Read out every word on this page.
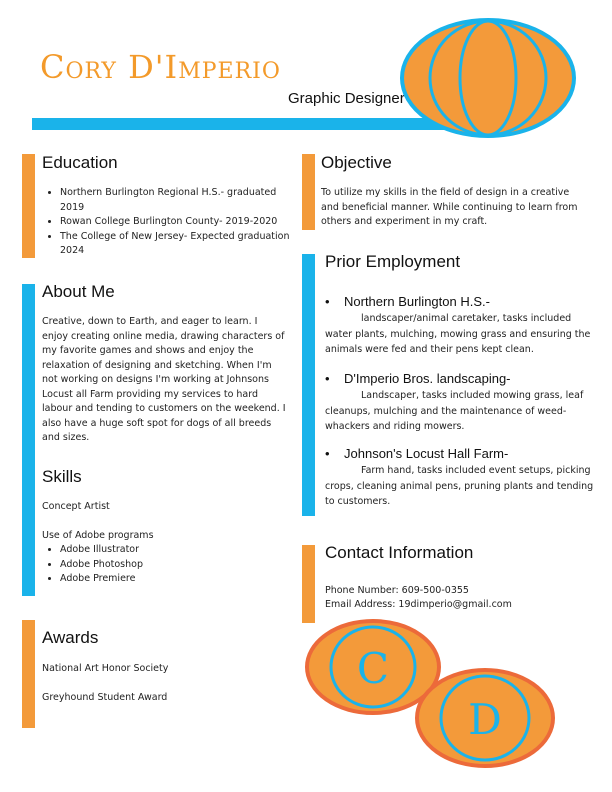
Cory D'Imperio
Graphic Designer
Education
• Northern Burlington Regional H.S.- graduated 2019
• Rowan College Burlington County- 2019-2020
• The College of New Jersey- Expected graduation 2024
About Me
Creative, down to Earth, and eager to learn. I enjoy creating online media, drawing characters of my favorite games and shows and enjoy the relaxation of designing and sketching. When I'm not working on designs I'm working at Johnsons Locust all Farm providing my services to hard labour and tending to customers on the weekend. I also have a huge soft spot for dogs of all breeds and sizes.
Skills
Concept Artist
Use of Adobe programs
• Adobe Illustrator
• Adobe Photoshop
• Adobe Premiere
Awards
National Art Honor Society
Greyhound Student Award
Objective
To utilize my skills in the field of design in a creative and beneficial manner. While continuing to learn from others and experiment in my craft.
Prior Employment
•    Northern Burlington H.S.-
landscaper/animal caretaker, tasks included water plants, mulching, mowing grass and ensuring the animals were fed and their pens kept clean.
•    D'Imperio Bros. landscaping-
Landscaper, tasks included mowing grass, leaf cleanups, mulching and the maintenance of weed-whackers and riding mowers.
•    Johnson's Locust Hall Farm-
Farm hand, tasks included event setups, picking crops, cleaning animal pens, pruning plants and tending to customers.
Contact Information
Phone Number: 609-500-0355
Email Address: 19dimperio@gmail.com
C
D
